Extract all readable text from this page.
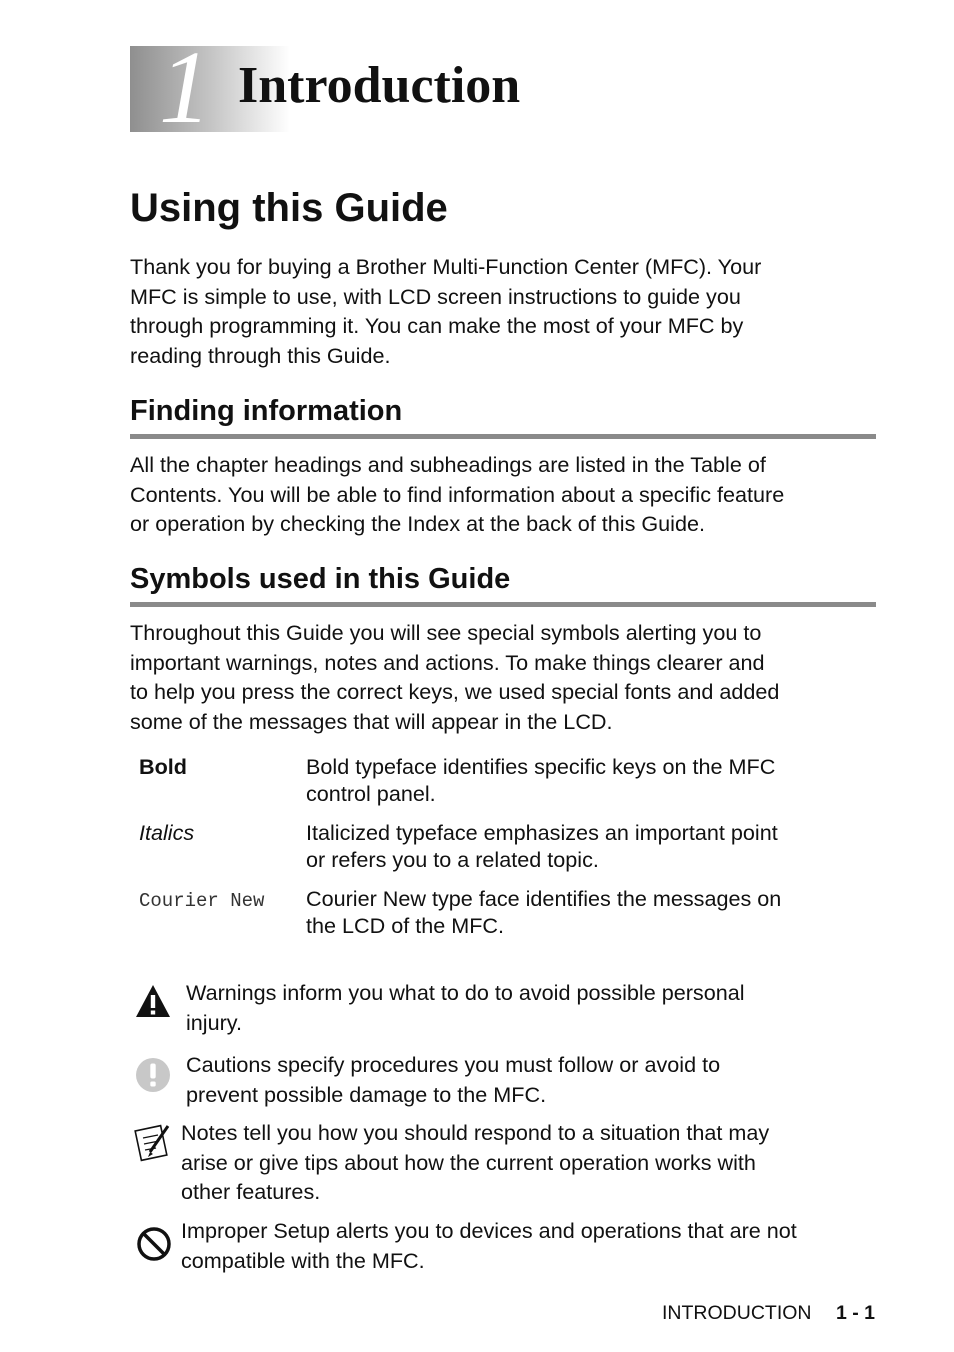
1 Introduction
Using this Guide
Thank you for buying a Brother Multi-Function Center (MFC). Your
MFC is simple to use, with LCD screen instructions to guide you
through programming it. You can make the most of your MFC by
reading through this Guide.
Finding information
All the chapter headings and subheadings are listed in the Table of
Contents. You will be able to find information about a specific feature
or operation by checking the Index at the back of this Guide.
Symbols used in this Guide
Throughout this Guide you will see special symbols alerting you to
important warnings, notes and actions. To make things clearer and
to help you press the correct keys, we used special fonts and added
some of the messages that will appear in the LCD.
Bold	Bold typeface identifies specific keys on the MFC
control panel.
Italics	Italicized typeface emphasizes an important point
or refers you to a related topic.
Courier New Courier New type face identifies the messages on
the LCD of the MFC.
Warnings inform you what to do to avoid possible personal
injury.
Cautions specify procedures you must follow or avoid to
prevent possible damage to the MFC.
Notes tell you how you should respond to a situation that may
arise or give tips about how the current operation works with
other features.
Improper Setup alerts you to devices and operations that are not
compatible with the MFC.
INTRODUCTION 1 - 1
